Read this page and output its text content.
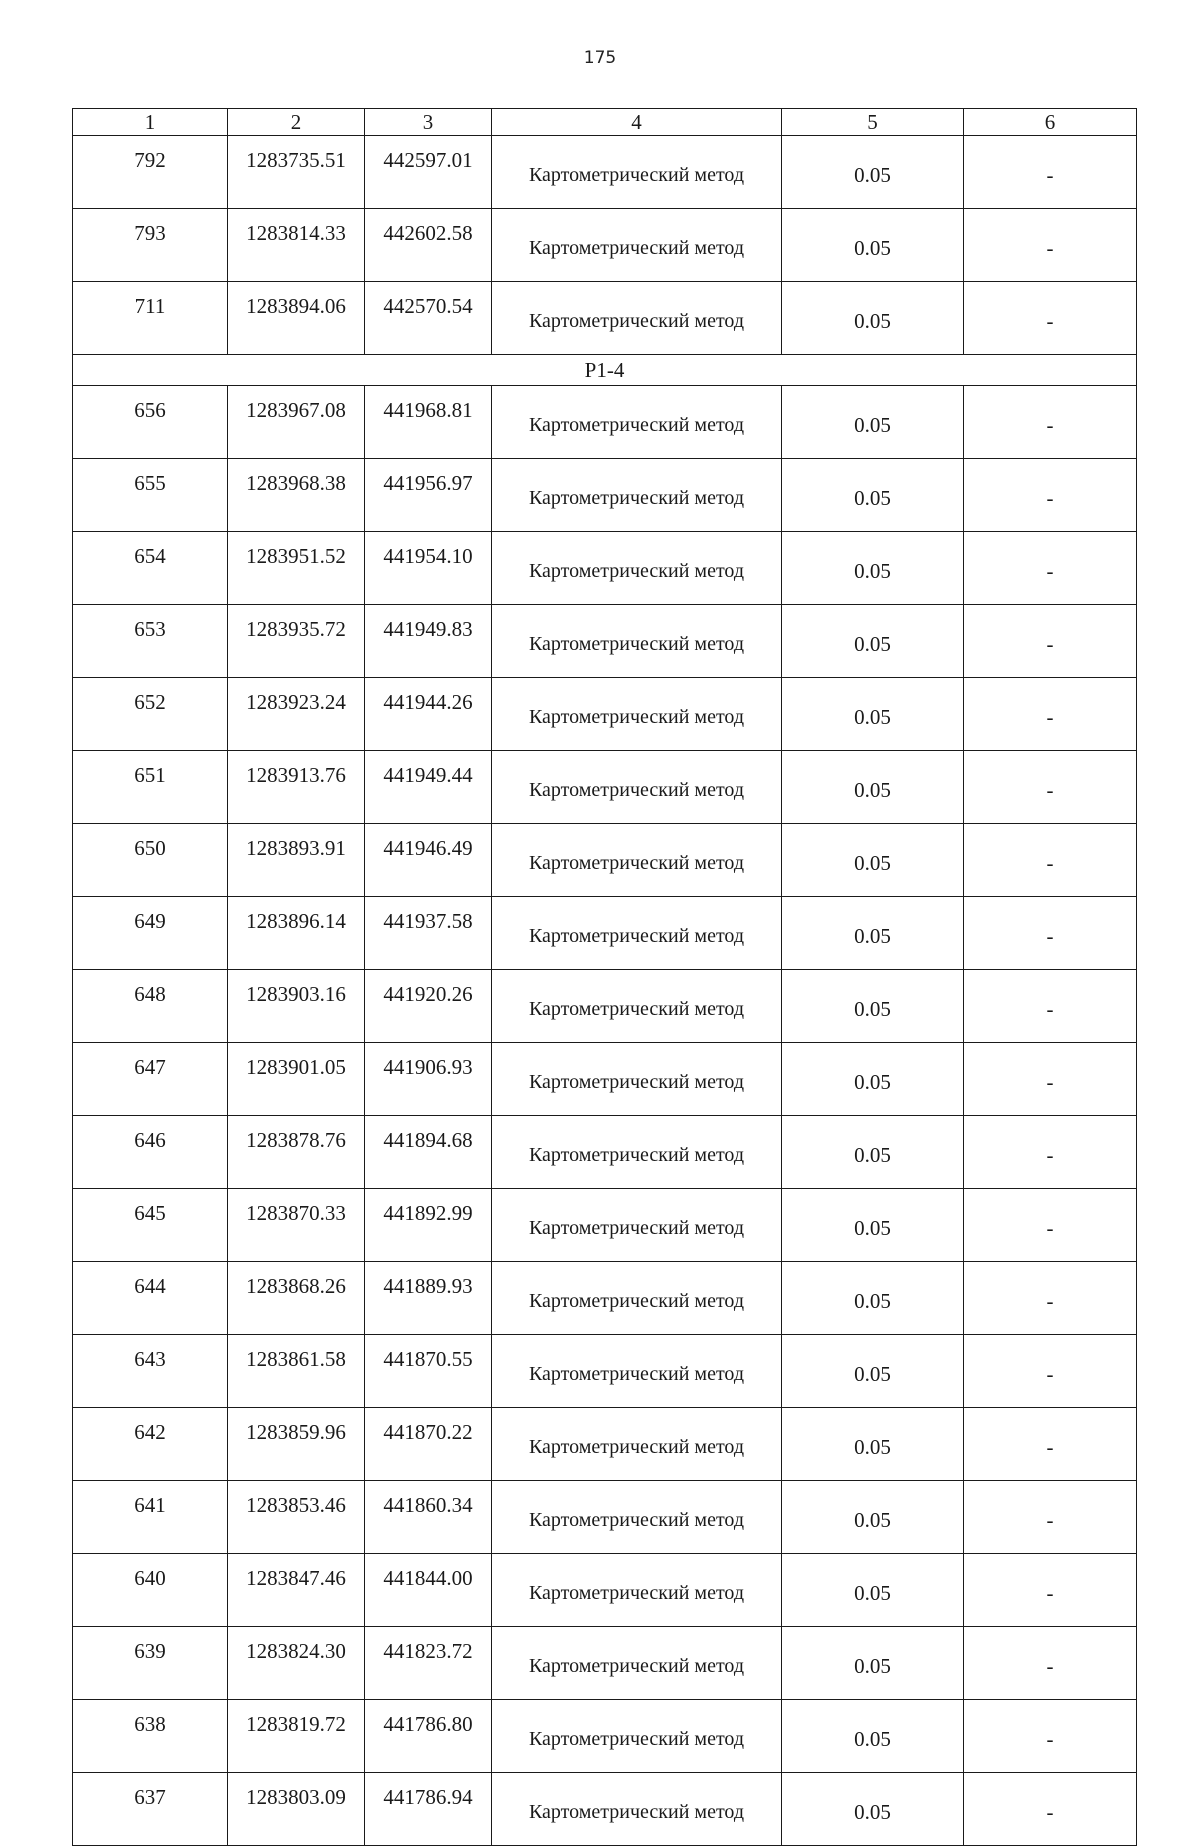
175
1	2	3	4	5	6
792	1283735.51	442597.01	Картометрический метод	0.05	-
793	1283814.33	442602.58	Картометрический метод	0.05	-
711	1283894.06	442570.54	Картометрический метод	0.05	-
Р1-4					
656	1283967.08	441968.81	Картометрический метод	0.05	-
655	1283968.38	441956.97	Картометрический метод	0.05	-
654	1283951.52	441954.10	Картометрический метод	0.05	-
653	1283935.72	441949.83	Картометрический метод	0.05	-
652	1283923.24	441944.26	Картометрический метод	0.05	-
651	1283913.76	441949.44	Картометрический метод	0.05	-
650	1283893.91	441946.49	Картометрический метод	0.05	-
649	1283896.14	441937.58	Картометрический метод	0.05	-
648	1283903.16	441920.26	Картометрический метод	0.05	-
647	1283901.05	441906.93	Картометрический метод	0.05	-
646	1283878.76	441894.68	Картометрический метод	0.05	-
645	1283870.33	441892.99	Картометрический метод	0.05	-
644	1283868.26	441889.93	Картометрический метод	0.05	-
643	1283861.58	441870.55	Картометрический метод	0.05	-
642	1283859.96	441870.22	Картометрический метод	0.05	-
641	1283853.46	441860.34	Картометрический метод	0.05	-
640	1283847.46	441844.00	Картометрический метод	0.05	-
639	1283824.30	441823.72	Картометрический метод	0.05	-
638	1283819.72	441786.80	Картометрический метод	0.05	-
637	1283803.09	441786.94	Картометрический метод	0.05	-
